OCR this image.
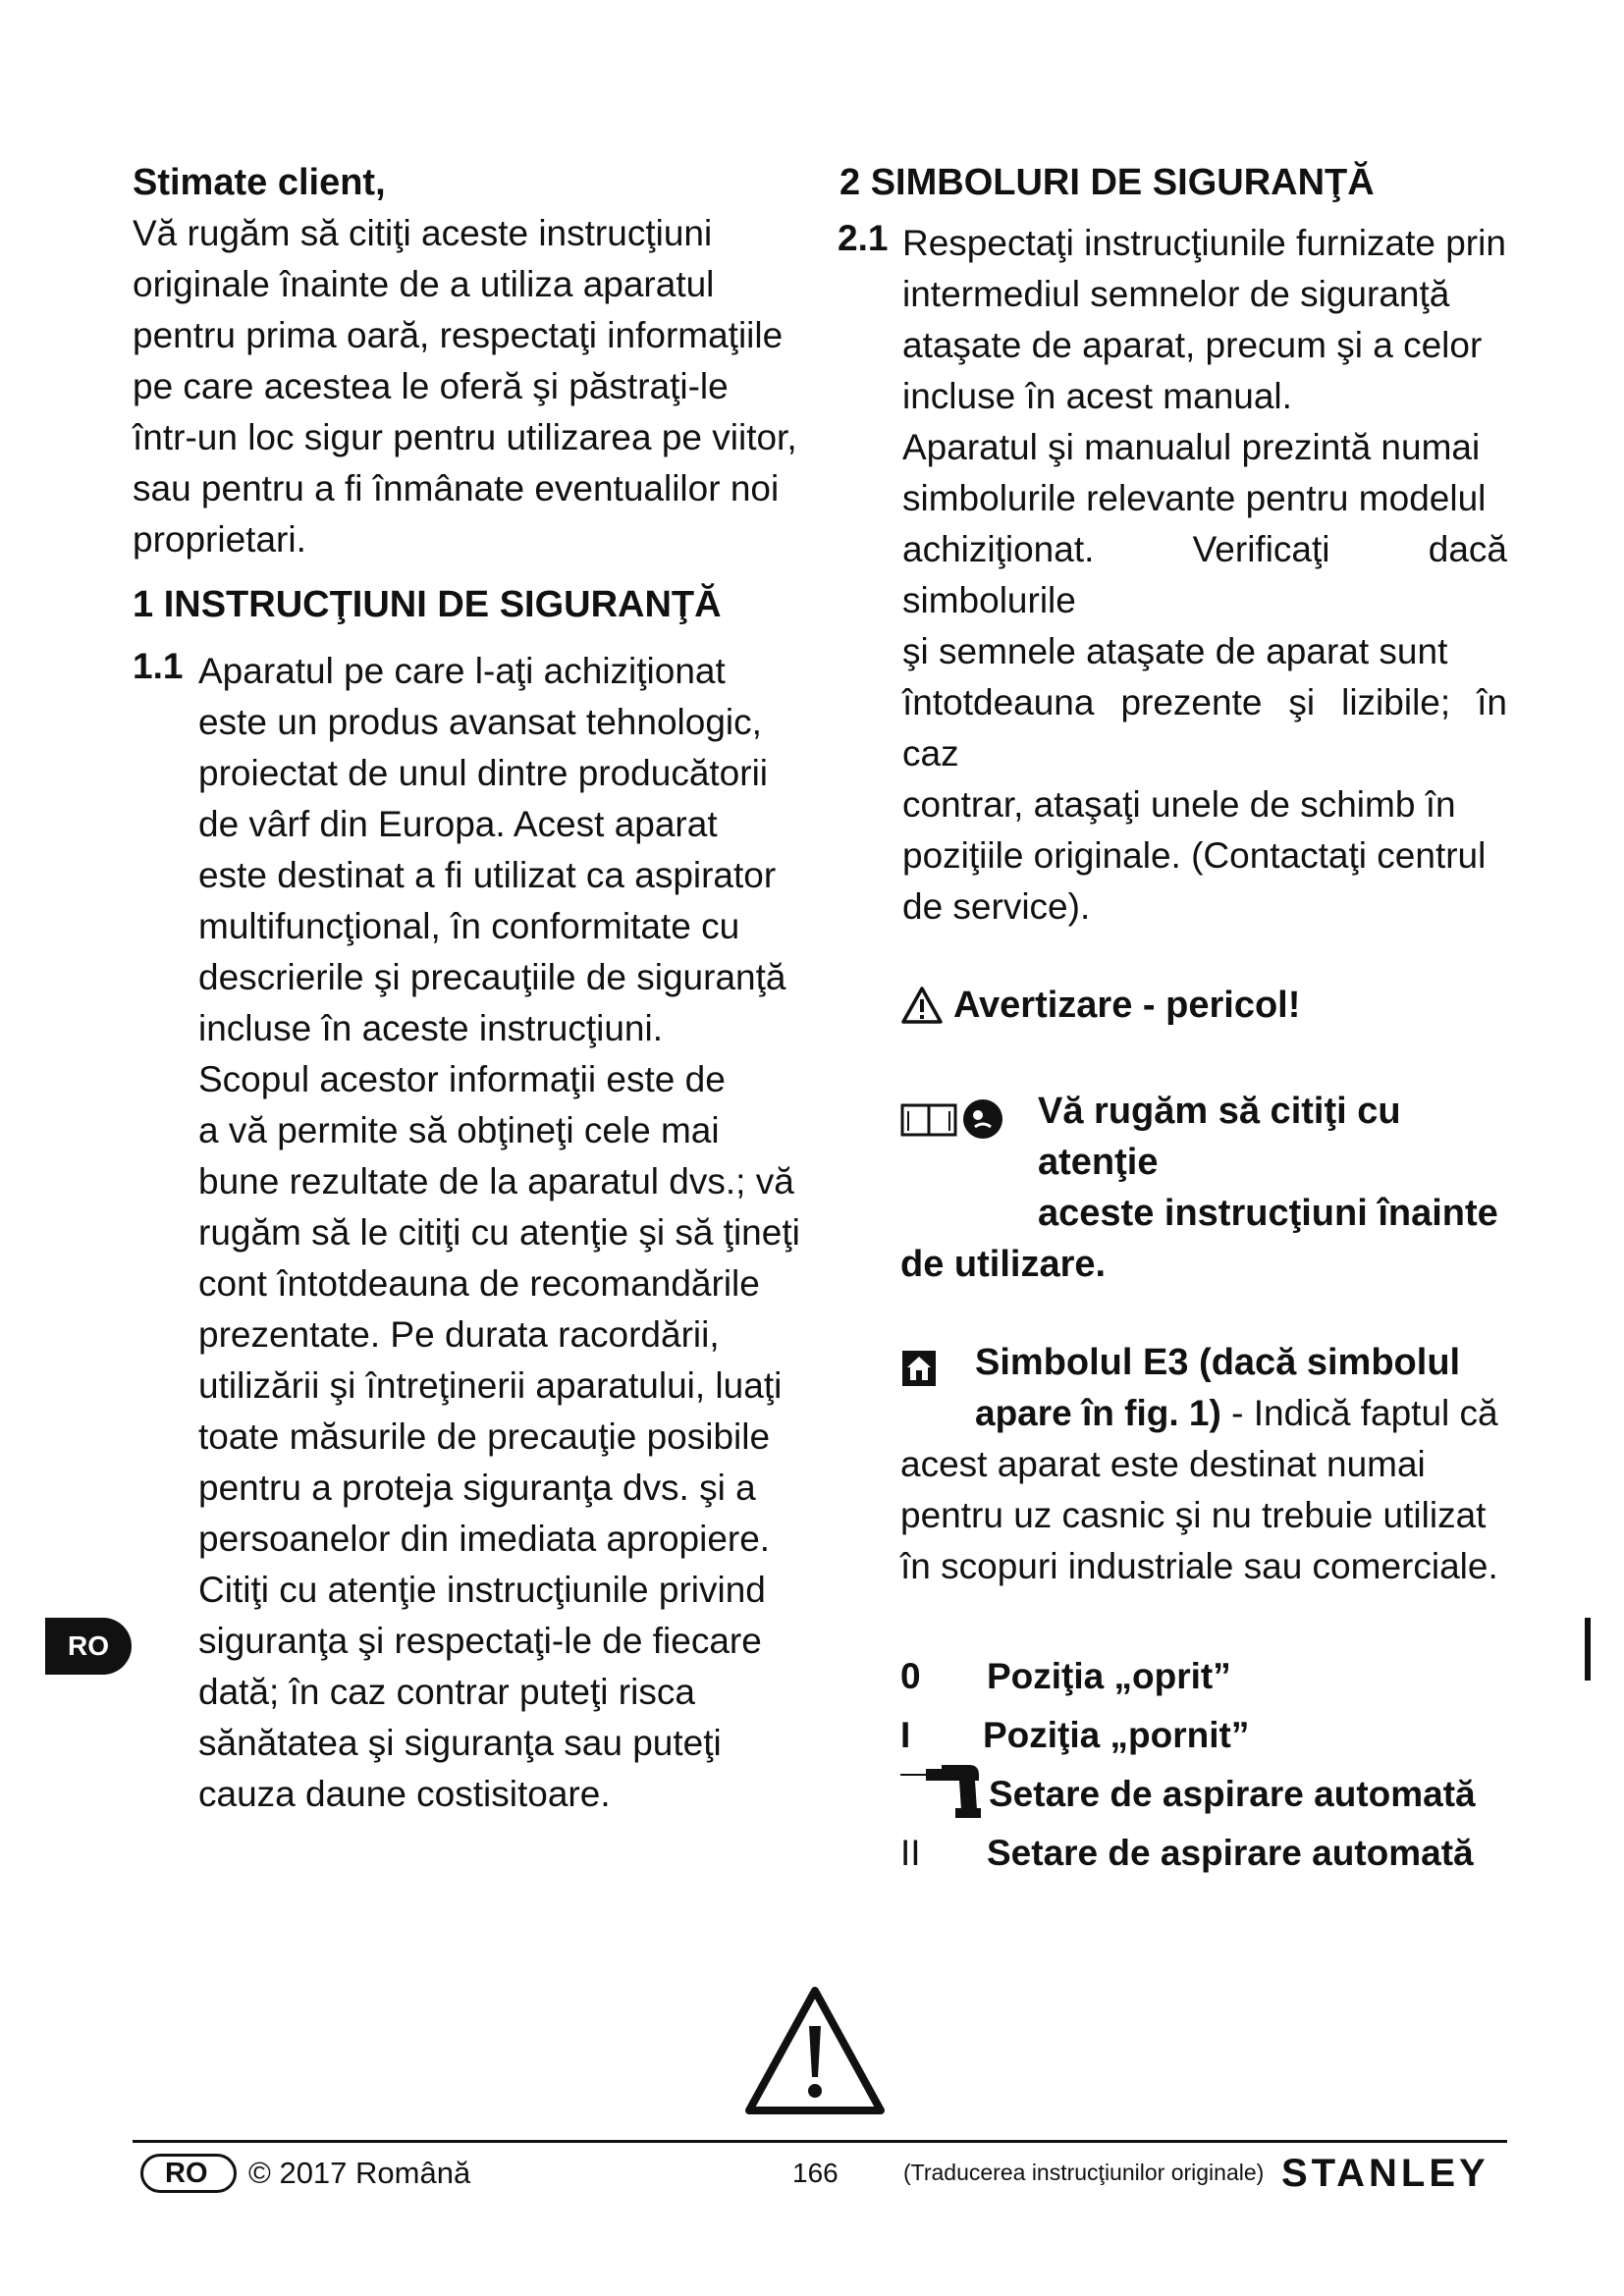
Stimate client,

Vă rugăm să citiţi aceste instrucţiuni
originale înainte de a utiliza aparatul
pentru prima oară, respectaţi informaţiile
pe care acestea le oferă şi păstraţi-le
într-un loc sigur pentru utilizarea pe viitor,
sau pentru a fi înmânate eventualilor noi
proprietari.

1 INSTRUCŢIUNI DE SIGURANŢĂ

1.1 Aparatul pe care l-aţi achiziţionat
este un produs avansat tehnologic,
proiectat de unul dintre producătorii
de vârf din Europa. Acest aparat
este destinat a fi utilizat ca aspirator
multifuncţional, în conformitate cu
descrierile şi precauţiile de siguranţă
incluse în aceste instrucţiuni.
Scopul acestor informaţii este de
a vă permite să obţineţi cele mai
bune rezultate de la aparatul dvs.; vă
rugăm să le citiţi cu atenţie şi să ţineţi
cont întotdeauna de recomandările
prezentate. Pe durata racordării,
utilizării şi întreţinerii aparatului, luaţi
toate măsurile de precauţie posibile
pentru a proteja siguranţa dvs. şi a
persoanelor din imediata apropiere.
Citiţi cu atenţie instrucţiunile privind
siguranţa şi respectaţi-le de fiecare
dată; în caz contrar puteţi risca
sănătatea şi siguranţa sau puteţi
cauza daune costisitoare.

2 SIMBOLURI DE SIGURANŢĂ

2.1 Respectaţi instrucţiunile furnizate prin
intermediul semnelor de siguranţă
ataşate de aparat, precum şi a celor
incluse în acest manual.
Aparatul şi manualul prezintă numai
simbolurile relevante pentru modelul
achiziţionat. Verificaţi dacă simbolurile
şi semnele ataşate de aparat sunt
întotdeauna prezente şi lizibile; în caz
contrar, ataşaţi unele de schimb în
poziţiile originale. (Contactaţi centrul
de service).
Avertizare - pericol!

Vă rugăm să citiţi cu atenţie

aceste instrucţiuni înainte

de utilizare.

Simbolul E3 (dacă simbolul

apare în fig. 1) - Indică faptul că

acest aparat este destinat numai
pentru uz casnic şi nu trebuie utilizat
în scopuri industriale sau comerciale.
0	Poziţia „oprit”
I	Poziţia „pornit”
Setare de aspirare automată
II	Setare de aspirare automată
RO
RO	© 2017 Română	166	(Traducerea instrucţiunilor originale) STANLEY
